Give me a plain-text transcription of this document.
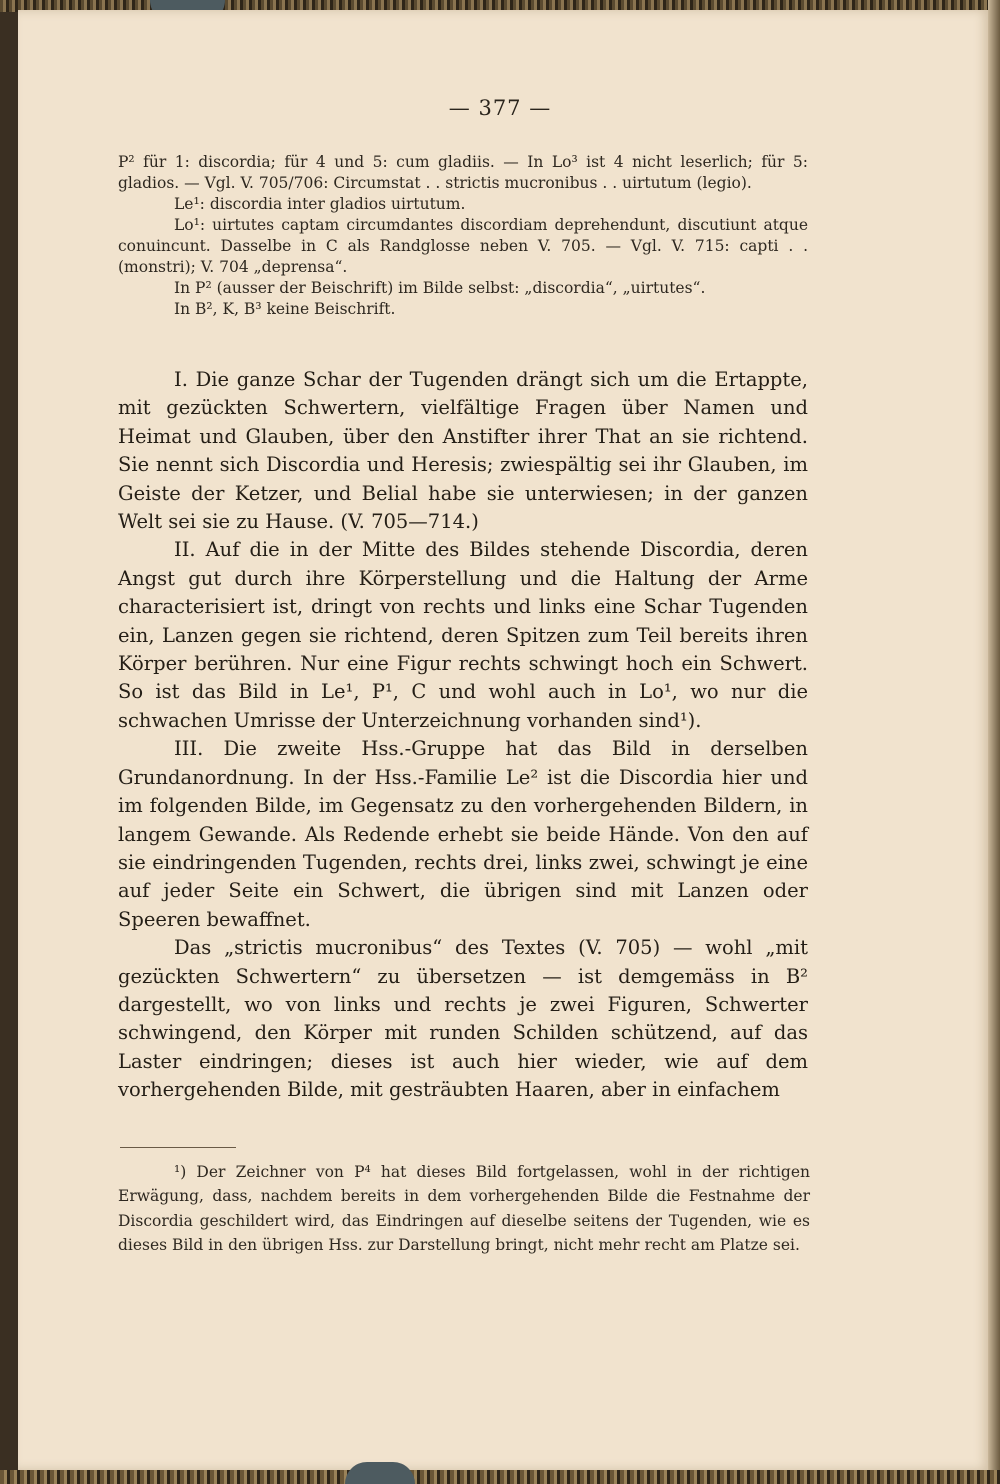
— 377 —

P² für 1: discordia; für 4 und 5: cum gladiis. — In Lo³ ist 4 nicht leserlich; für 5: gladios. — Vgl. V. 705/706: Circumstat . . strictis mucronibus . . uirtutum (legio).

Le¹: discordia inter gladios uirtutum.

Lo¹: uirtutes captam circumdantes discordiam deprehendunt, discutiunt atque conuincunt. Dasselbe in C als Randglosse neben V. 705. — Vgl. V. 715: capti . . (monstri); V. 704 „deprensa“.

In P² (ausser der Beischrift) im Bilde selbst: „discordia“, „uirtutes“.

In B², K, B³ keine Beischrift.

I. Die ganze Schar der Tugenden drängt sich um die Ertappte, mit gezückten Schwertern, vielfältige Fragen über Namen und Heimat und Glauben, über den Anstifter ihrer That an sie richtend. Sie nennt sich Discordia und Heresis; zwiespältig sei ihr Glauben, im Geiste der Ketzer, und Belial habe sie unterwiesen; in der ganzen Welt sei sie zu Hause. (V. 705—714.)

II. Auf die in der Mitte des Bildes stehende Discordia, deren Angst gut durch ihre Körperstellung und die Haltung der Arme characterisiert ist, dringt von rechts und links eine Schar Tugenden ein, Lanzen gegen sie richtend, deren Spitzen zum Teil bereits ihren Körper berühren. Nur eine Figur rechts schwingt hoch ein Schwert. So ist das Bild in Le¹, P¹, C und wohl auch in Lo¹, wo nur die schwachen Umrisse der Unterzeichnung vorhanden sind¹).

III. Die zweite Hss.-Gruppe hat das Bild in derselben Grundanordnung. In der Hss.-Familie Le² ist die Discordia hier und im folgenden Bilde, im Gegensatz zu den vorhergehenden Bildern, in langem Gewande. Als Redende erhebt sie beide Hände. Von den auf sie eindringenden Tugenden, rechts drei, links zwei, schwingt je eine auf jeder Seite ein Schwert, die übrigen sind mit Lanzen oder Speeren bewaffnet.

Das „strictis mucronibus“ des Textes (V. 705) — wohl „mit gezückten Schwertern“ zu übersetzen — ist demgemäss in B² dargestellt, wo von links und rechts je zwei Figuren, Schwerter schwingend, den Körper mit runden Schilden schützend, auf das Laster eindringen; dieses ist auch hier wieder, wie auf dem vorhergehenden Bilde, mit gesträubten Haaren, aber in einfachem

¹) Der Zeichner von P⁴ hat dieses Bild fortgelassen, wohl in der richtigen Erwägung, dass, nachdem bereits in dem vorhergehenden Bilde die Festnahme der Discordia geschildert wird, das Eindringen auf dieselbe seitens der Tugenden, wie es dieses Bild in den übrigen Hss. zur Darstellung bringt, nicht mehr recht am Platze sei.
